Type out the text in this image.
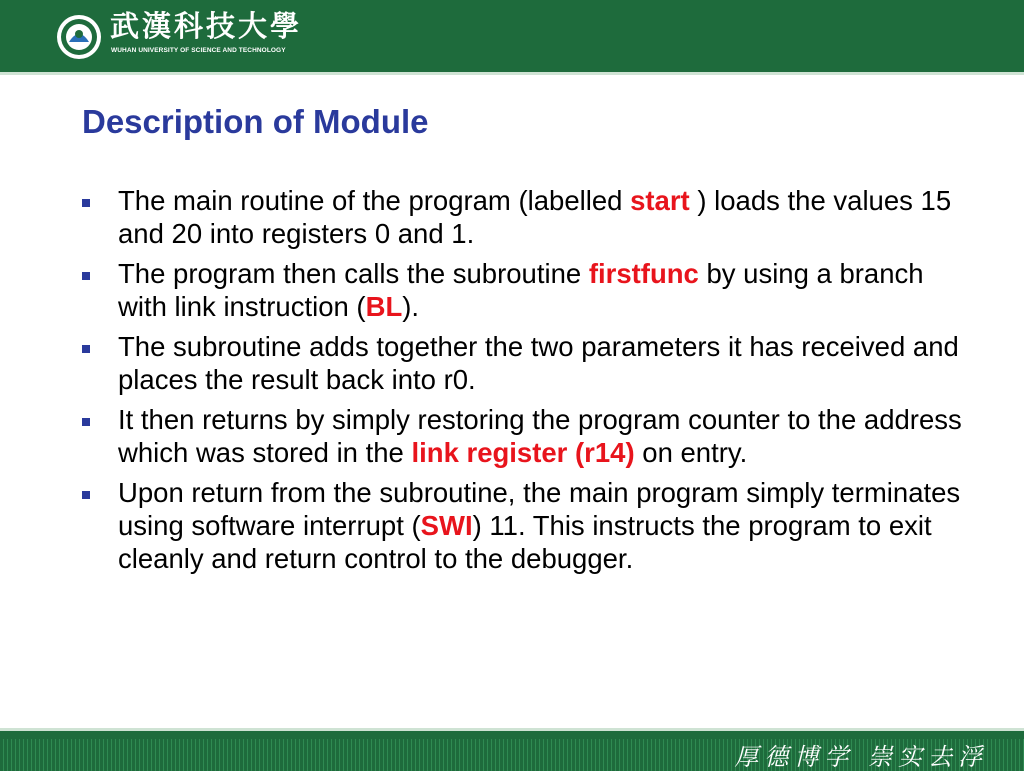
武漢科技大學
WUHAN UNIVERSITY OF SCIENCE AND TECHNOLOGY
Description of Module
The main routine of the program (labelled start ) loads the values 15 and 20 into registers 0 and 1.
The program then calls the subroutine firstfunc by using a branch with link instruction (BL).
The subroutine adds together the two parameters it has received and places the result back into r0.
It then returns by simply restoring the program counter to the address which was stored in the link register (r14) on entry.
Upon return from the subroutine, the main program simply terminates using software interrupt (SWI) 11. This instructs the program to exit cleanly and return control to the debugger.
厚德博学 崇实去浮
